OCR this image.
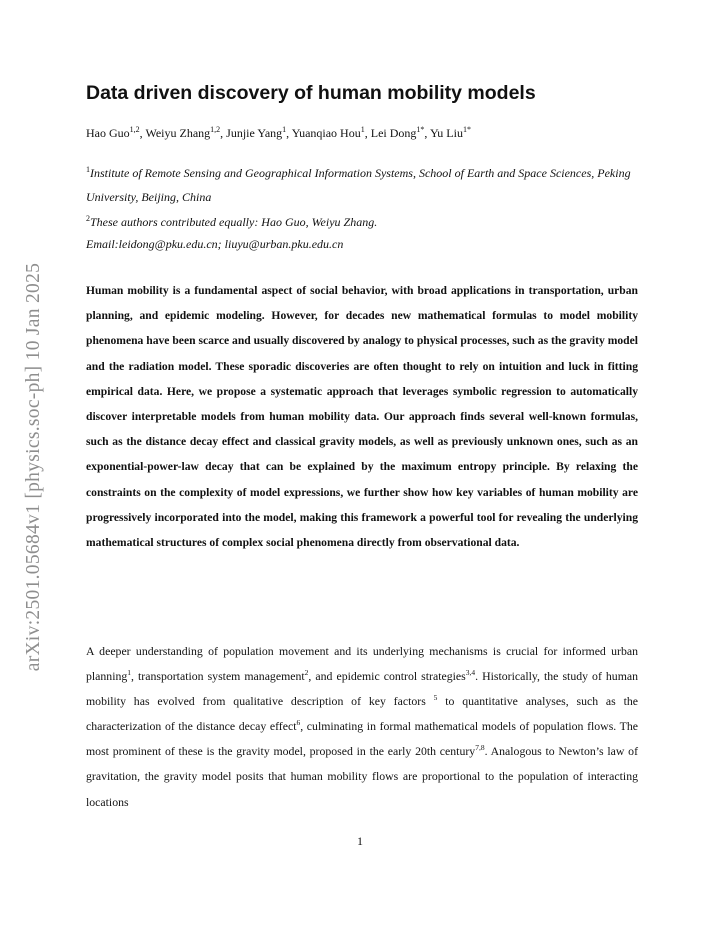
arXiv:2501.05684v1 [physics.soc-ph] 10 Jan 2025
Data driven discovery of human mobility models
Hao Guo$^{1,2}$, Weiyu Zhang$^{1,2}$, Junjie Yang$^1$, Yuanqiao Hou$^1$, Lei Dong$^{1*}$, Yu Liu$^{1*}$
$^1$Institute of Remote Sensing and Geographical Information Systems, School of Earth and Space Sciences, Peking University, Beijing, China
$^2$These authors contributed equally: Hao Guo, Weiyu Zhang.
Email:leidong@pku.edu.cn; liuyu@urban.pku.edu.cn

Human mobility is a fundamental aspect of social behavior, with broad applications in transportation, urban planning, and epidemic modeling. However, for decades new mathematical formulas to model mobility phenomena have been scarce and usually discovered by analogy to physical processes, such as the gravity model and the radiation model. These sporadic discoveries are often thought to rely on intuition and luck in fitting empirical data. Here, we propose a systematic approach that leverages symbolic regression to automatically discover interpretable models from human mobility data. Our approach finds several well-known formulas, such as the distance decay effect and classical gravity models, as well as previously unknown ones, such as an exponential-power-law decay that can be explained by the maximum entropy principle. By relaxing the constraints on the complexity of model expressions, we further show how key variables of human mobility are progressively incorporated into the model, making this framework a powerful tool for revealing the underlying mathematical structures of complex social phenomena directly from observational data.

A deeper understanding of population movement and its underlying mechanisms is crucial for informed urban planning$^1$, transportation system management$^2$, and epidemic control strategies$^{3,4}$. Historically, the study of human mobility has evolved from qualitative description of key factors $^5$ to quantitative analyses, such as the characterization of the distance decay effect$^6$, culminating in formal mathematical models of population flows. The most prominent of these is the gravity model, proposed in the early 20th century$^{7,8}$. Analogous to Newton’s law of gravitation, the gravity model posits that human mobility flows are proportional to the population of interacting locations

1
